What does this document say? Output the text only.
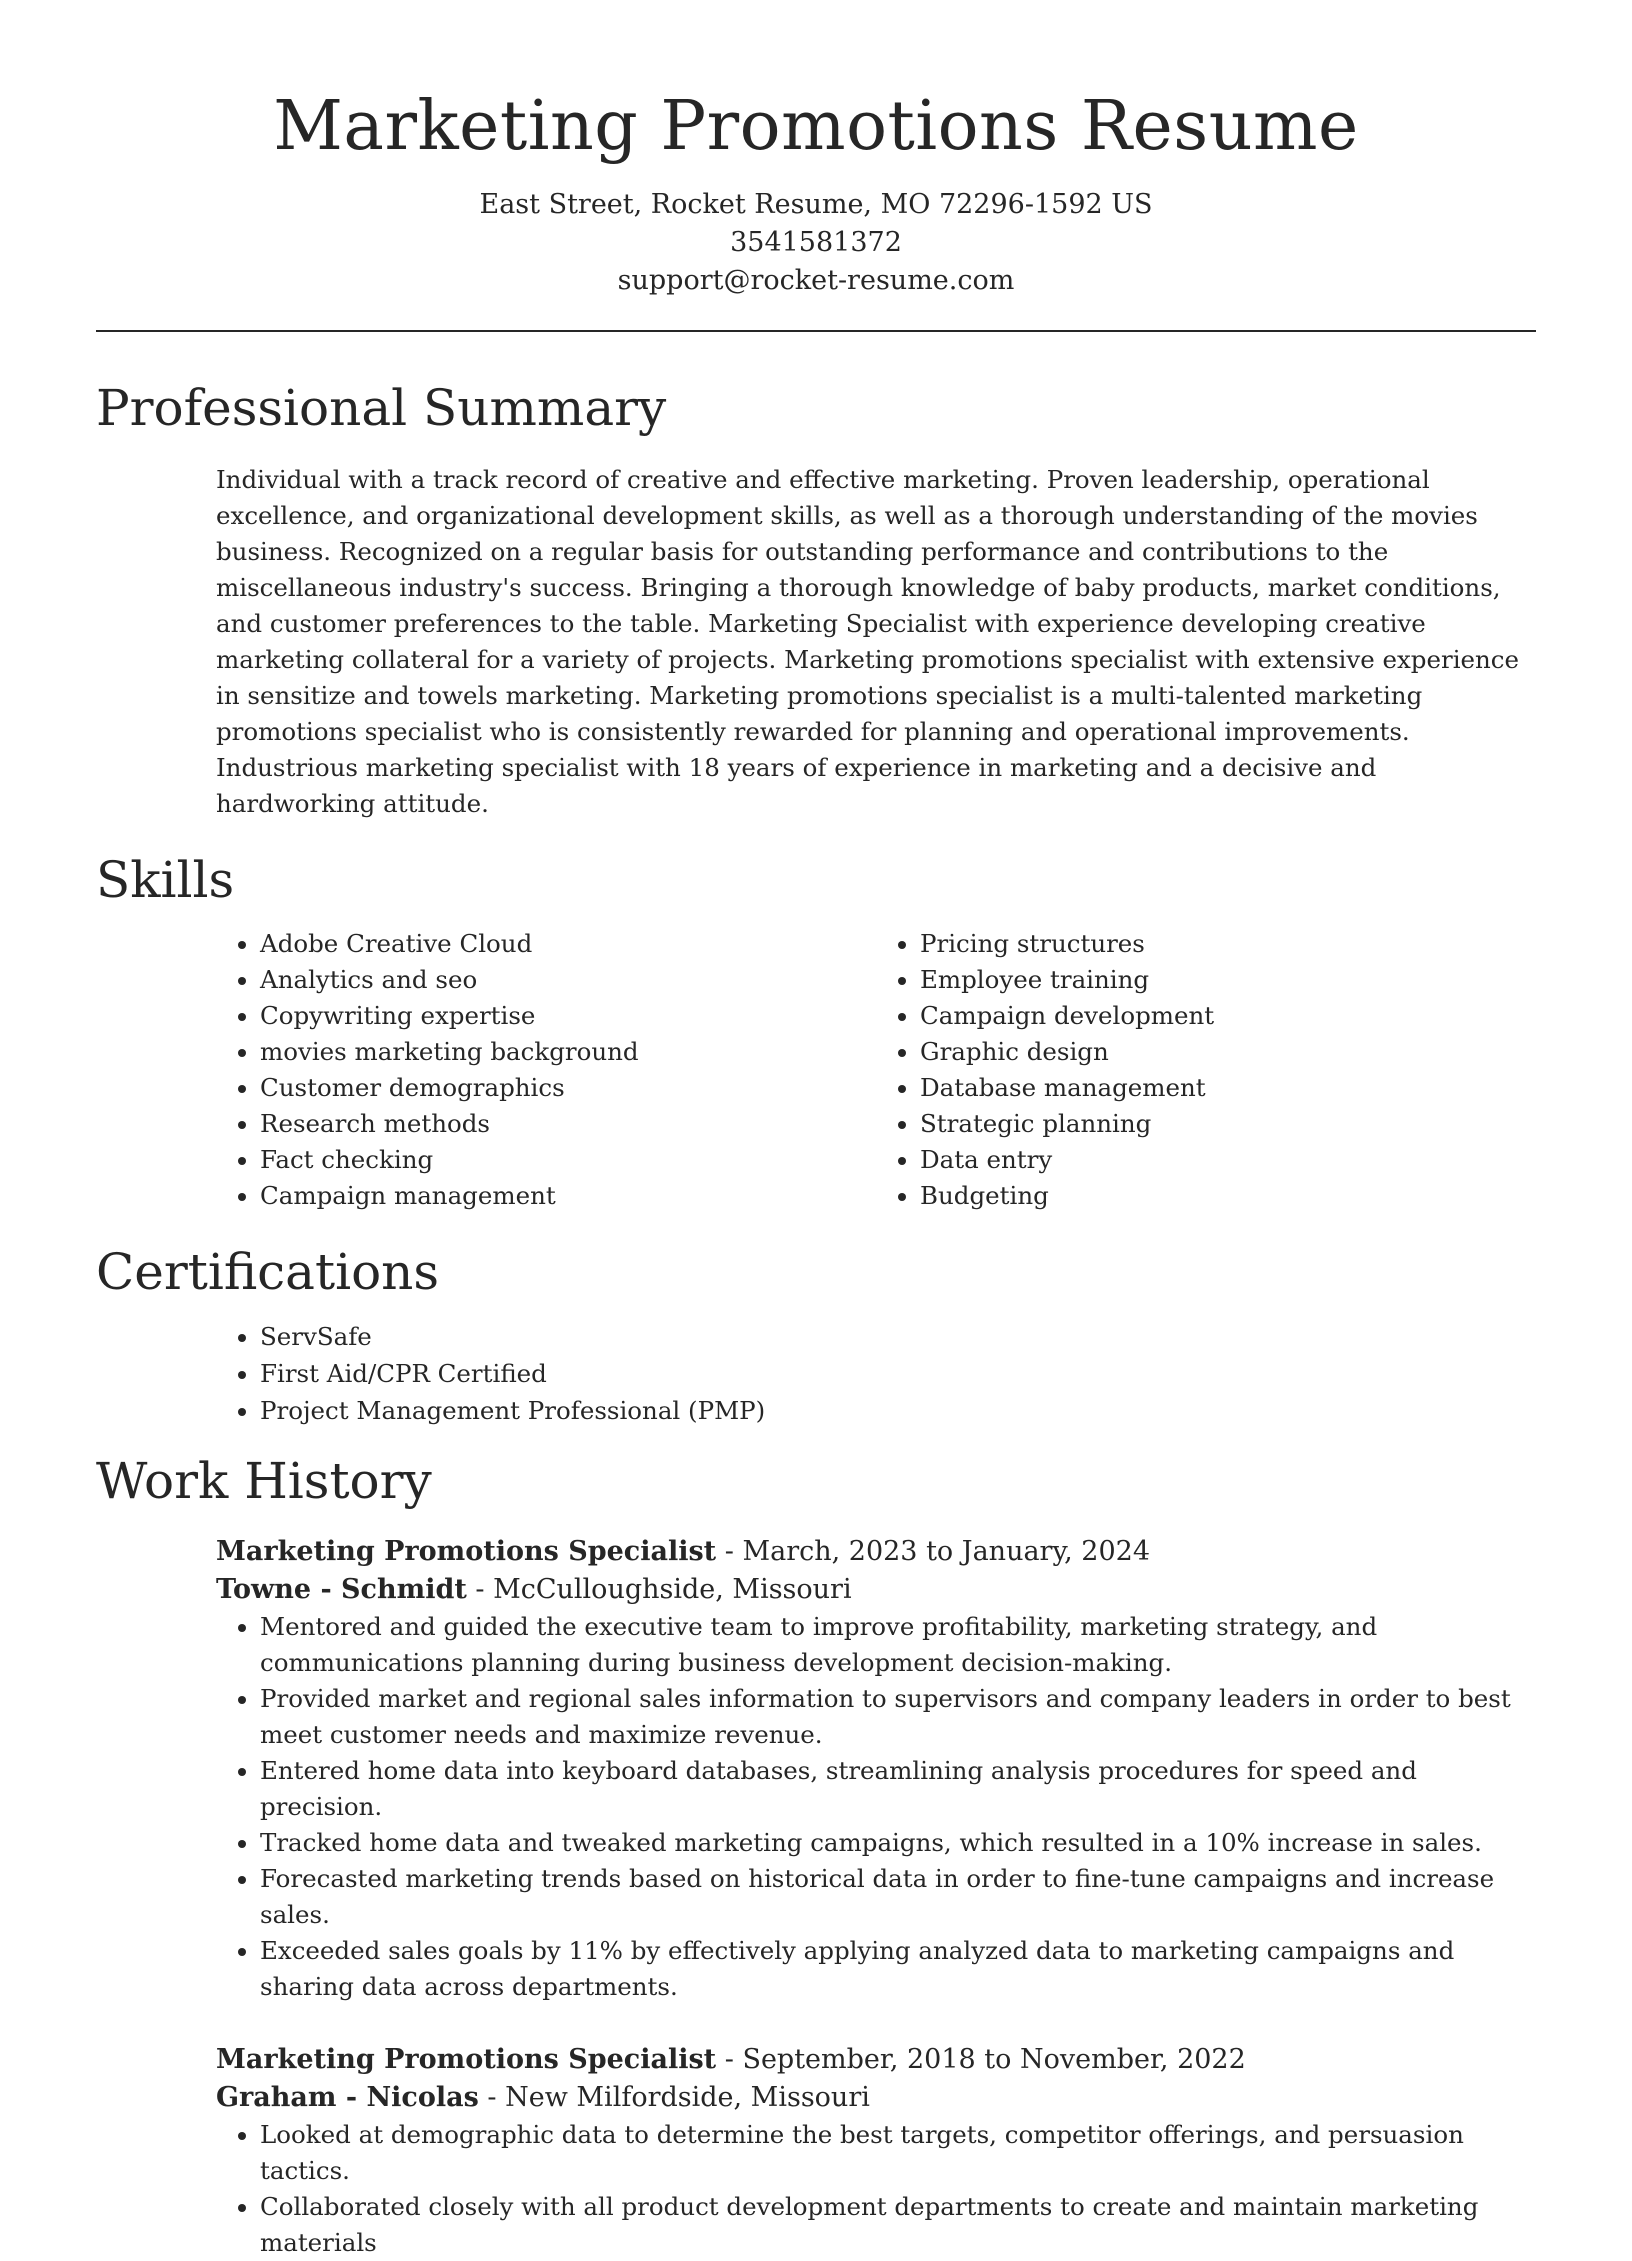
Marketing Promotions Resume
East Street, Rocket Resume, MO 72296-1592 US
3541581372
support@rocket-resume.com
Professional Summary
Individual with a track record of creative and effective marketing. Proven leadership, operational excellence, and organizational development skills, as well as a thorough understanding of the movies business. Recognized on a regular basis for outstanding performance and contributions to the miscellaneous industry's success. Bringing a thorough knowledge of baby products, market conditions, and customer preferences to the table. Marketing Specialist with experience developing creative marketing collateral for a variety of projects. Marketing promotions specialist with extensive experience in sensitize and towels marketing. Marketing promotions specialist is a multi-talented marketing promotions specialist who is consistently rewarded for planning and operational improvements. Industrious marketing specialist with 18 years of experience in marketing and a decisive and hardworking attitude.
Skills
• Adobe Creative Cloud
• Analytics and seo
• Copywriting expertise
• movies marketing background
• Customer demographics
• Research methods
• Fact checking
• Campaign management
• Pricing structures
• Employee training
• Campaign development
• Graphic design
• Database management
• Strategic planning
• Data entry
• Budgeting
Certifications
• ServSafe
• First Aid/CPR Certified
• Project Management Professional (PMP)
Work History
Marketing Promotions Specialist - March, 2023 to January, 2024
Towne - Schmidt - McCulloughside, Missouri
• Mentored and guided the executive team to improve profitability, marketing strategy, and communications planning during business development decision-making.
• Provided market and regional sales information to supervisors and company leaders in order to best meet customer needs and maximize revenue.
• Entered home data into keyboard databases, streamlining analysis procedures for speed and precision.
• Tracked home data and tweaked marketing campaigns, which resulted in a 10% increase in sales.
• Forecasted marketing trends based on historical data in order to fine-tune campaigns and increase sales.
• Exceeded sales goals by 11% by effectively applying analyzed data to marketing campaigns and sharing data across departments.
Marketing Promotions Specialist - September, 2018 to November, 2022
Graham - Nicolas - New Milfordside, Missouri
• Looked at demographic data to determine the best targets, competitor offerings, and persuasion tactics.
• Collaborated closely with all product development departments to create and maintain marketing materials
